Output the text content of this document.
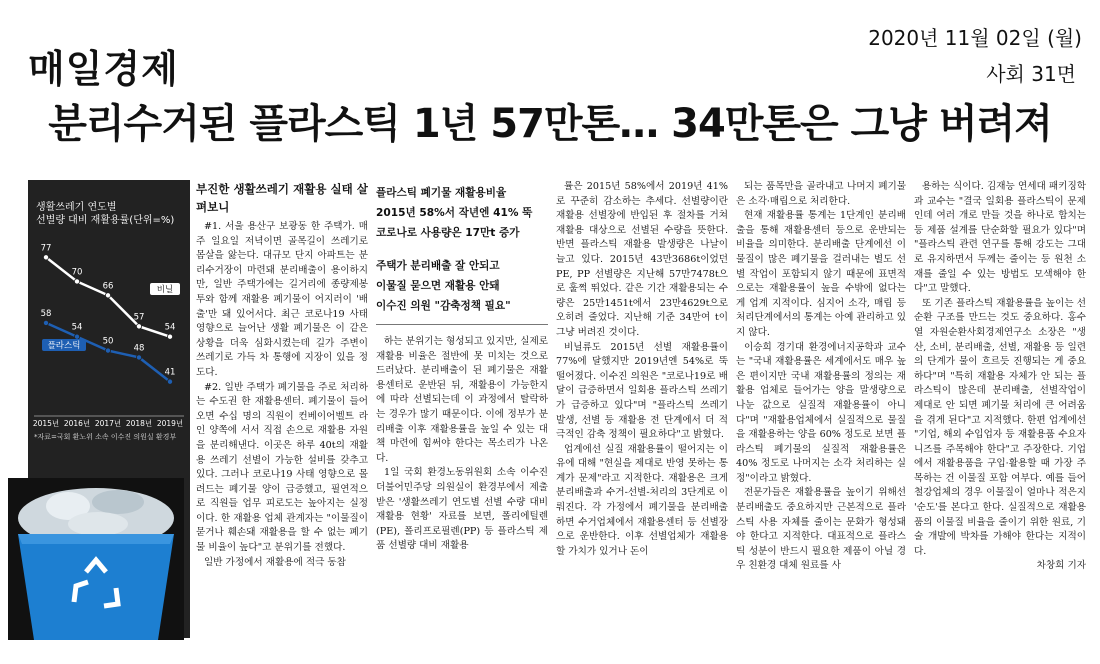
매일경제
2020년 11월 02일 (월)
사회 31면
분리수거된 플라스틱 1년 57만톤… 34만톤은 그냥 버려져
생활쓰레기 연도별
선별량 대비 재활용률(단위=%)
2015년 2016년 2017년 2018년 2019년
77
70
66
57
54
58
54
50
48
41
비닐
플라스틱
*자료=국회 환노위 소속 이수진 의원실 환경부
부진한 생활쓰레기 재활용 실태 살펴보니

#1. 서울 용산구 보광동 한 주택가. 매주 일요일 저녁이면 골목길이 쓰레기로 몸살을 앓는다. 대규모 단지 아파트는 분리수거장이 마련돼 분리배출이 용이하지만, 일반 주택가에는 길거리에 종량제봉투와 함께 재활용 폐기물이 어지러이 '배출'만 돼 있어서다. 최근 코로나19 사태 영향으로 늘어난 생활 폐기물은 이 같은 상황을 더욱 심화시켰는데 길가 주변이 쓰레기로 가득 차 통행에 지장이 있을 정도다.

#2. 일반 주택가 폐기물을 주로 처리하는 수도권 한 재활용센터. 폐기물이 들어오면 수십 명의 직원이 컨베이어벨트 라인 양쪽에 서서 직접 손으로 재활용 자원을 분리해낸다. 이곳은 하루 40t의 재활용 쓰레기 선별이 가능한 설비를 갖추고 있다. 그러나 코로나19 사태 영향으로 몰려드는 폐기물 양이 급증했고, 필연적으로 직원들 업무 피로도는 높아지는 실정이다. 한 재활용 업체 관계자는 "이물질이 묻거나 훼손돼 재활용을 할 수 없는 폐기물 비율이 높다"고 분위기를 전했다.

일반 가정에서 재활용에 적극 동참

플라스틱 폐기물 재활용비율
2015년 58%서 작년엔 41% 뚝
코로나로 사용량은 17만t 증가
주택가 분리배출 잘 안되고
이물질 묻으면 재활용 안돼
이수진 의원 "감축정책 필요"

하는 분위기는 형성되고 있지만, 실제로 재활용 비율은 절반에 못 미치는 것으로 드러났다. 분리배출이 된 폐기물은 재활용센터로 운반된 뒤, 재활용이 가능한지에 따라 선별되는데 이 과정에서 탈락하는 경우가 많기 때문이다. 이에 정부가 분리배출 이후 재활용률을 높일 수 있는 대책 마련에 힘써야 한다는 목소리가 나온다.

1일 국회 환경노동위원회 소속 이수진 더불어민주당 의원실이 환경부에서 제출 받은 '생활쓰레기 연도별 선별 수량 대비 재활용 현황' 자료를 보면, 폴리에틸렌(PE), 폴리프로필렌(PP) 등 플라스틱 제품 선별량 대비 재활용

률은 2015년 58%에서 2019년 41%로 꾸준히 감소하는 추세다. 선별량이란 재활용 선별장에 반입된 후 절차를 거쳐 재활용 대상으로 선별된 수량을 뜻한다. 반면 플라스틱 재활용 발생량은 나날이 늘고 있다. 2015년 43만3686t이었던 PE, PP 선별량은 지난해 57만7478t으로 훌쩍 뛰었다. 같은 기간 재활용되는 수량은 25만1451t에서 23만4629t으로 오히려 줄었다. 지난해 기준 34만여 t이 그냥 버려진 것이다.

비닐류도 2015년 선별 재활용률이 77%에 달했지만 2019년엔 54%로 뚝 떨어졌다. 이수진 의원은 "코로나19로 배달이 급증하면서 일회용 플라스틱 쓰레기가 급증하고 있다"며 "플라스틱 쓰레기 발생, 선별 등 재활용 전 단계에서 더 적극적인 감축 정책이 필요하다"고 밝혔다.

업계에선 실질 재활용률이 떨어지는 이유에 대해 "현실을 제대로 반영 못하는 통계가 문제"라고 지적한다. 재활용은 크게 분리배출과 수거-선별-처리의 3단계로 이뤄진다. 각 가정에서 폐기물을 분리배출하면 수거업체에서 재활용센터 등 선별장으로 운반한다. 이후 선별업체가 재활용할 가치가 있거나 돈이

되는 품목만을 골라내고 나머지 폐기물은 소각·매립으로 처리한다.

현재 재활용률 통계는 1단계인 분리배출을 통해 재활용센터 등으로 운반되는 비율을 의미한다. 분리배출 단계에선 이물질이 많은 폐기물을 걸러내는 별도 선별 작업이 포함되지 않기 때문에 표면적으로는 재활용률이 높을 수밖에 없다는 게 업계 지적이다. 심지어 소각, 매립 등 처리단계에서의 통계는 아예 관리하고 있지 않다.

이승희 경기대 환경에너지공학과 교수는 "국내 재활용률은 세계에서도 매우 높은 편이지만 국내 재활용률의 정의는 재활용 업체로 들어가는 양을 말생량으로 나눈 값으로 실질적 재활용률이 아니다"며 "재활용업체에서 실질적으로 물질을 재활용하는 양을 60% 정도로 보면 플라스틱 폐기물의 실질적 재활용률은 40% 정도로 나머지는 소각 처리하는 실정"이라고 밝혔다.

전문가들은 재활용률을 높이기 위해선 분리배출도 중요하지만 근본적으로 플라스틱 사용 자체를 줄이는 문화가 형성돼야 한다고 지적한다. 대표적으로 플라스틱 성분이 반드시 필요한 제품이 아닐 경우 친환경 대체 원료를 사

용하는 식이다. 김재능 연세대 패키징학과 교수는 "결국 일회용 플라스틱이 문제인데 여러 개로 만들 것을 하나로 합치는 등 제품 설계를 단순화할 필요가 있다"며 "플라스틱 관련 연구를 통해 강도는 그대로 유지하면서 두께는 줄이는 등 원천 소재를 줄일 수 있는 방법도 모색해야 한다"고 말했다.

또 기존 플라스틱 재활용률을 높이는 선순환 구조를 만드는 것도 중요하다. 홍수열 자원순환사회경제연구소 소장은 "생산, 소비, 분리배출, 선별, 재활용 등 일련의 단계가 물이 흐르듯 진행되는 게 중요하다"며 "특히 재활용 자체가 안 되는 플라스틱이 많은데 분리배출, 선별작업이 제대로 안 되면 폐기물 처리에 큰 어려움을 겪게 된다"고 지적했다. 한편 업계에선 "기업, 해외 수입업자 등 재활용품 수요자 니즈를 주목해야 한다"고 주장한다. 기업에서 재활용품을 구입·활용할 때 가장 주목하는 건 이물질 포함 여부다. 예를 들어 철강업체의 경우 이물질이 얼마나 적은지 '순도'를 본다고 한다. 실질적으로 재활용품의 이물질 비율을 줄이기 위한 원료, 기술 개발에 박차를 가해야 한다는 지적이다.

차창희 기자
